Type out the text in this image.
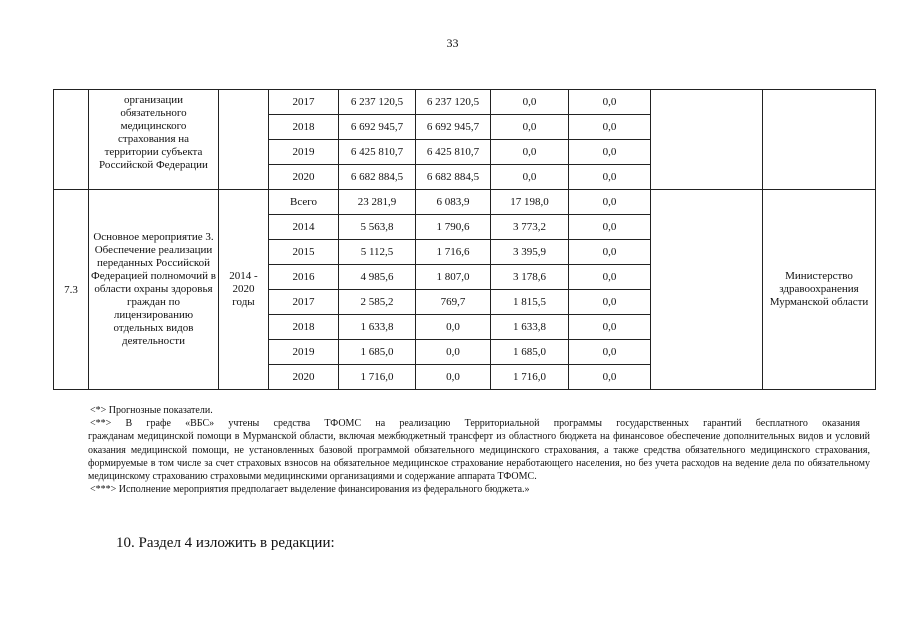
33
	организации обязательного медицинского страхования на территории субъекта Российской Федерации		2017	6 237 120,5	6 237 120,5	0,0	0,0		
			2018	6 692 945,7	6 692 945,7	0,0	0,0		
			2019	6 425 810,7	6 425 810,7	0,0	0,0		
			2020	6 682 884,5	6 682 884,5	0,0	0,0		
7.3	Основное мероприятие 3. Обеспечение реализации переданных Российской Федерацией полномочий в области охраны здоровья граждан по лицензированию отдельных видов деятельности	2014 - 2020 годы	Всего	23 281,9	6 083,9	17 198,0	0,0		Министерство здравоохранения Мурманской области
			2014	5 563,8	1 790,6	3 773,2	0,0		
			2015	5 112,5	1 716,6	3 395,9	0,0		
			2016	4 985,6	1 807,0	3 178,6	0,0		
			2017	2 585,2	769,7	1 815,5	0,0		
			2018	1 633,8	0,0	1 633,8	0,0		
			2019	1 685,0	0,0	1 685,0	0,0		
			2020	1 716,0	0,0	1 716,0	0,0		

<*> Прогнозные показатели.

<**> В графе «ВБС» учтены средства ТФОМС на реализацию Территориальной программы государственных гарантий бесплатного оказания

гражданам медицинской помощи в Мурманской области, включая межбюджетный трансферт из областного бюджета на финансовое обеспечение дополнительных видов и условий оказания медицинской помощи, не установленных базовой программой обязательного медицинского страхования, а также средства обязательного медицинского страхования, формируемые в том числе за счет страховых взносов на обязательное медицинское страхование неработающего населения, но без учета расходов на ведение дела по обязательному медицинскому страхованию страховыми медицинскими организациями и содержание аппарата ТФОМС.

<***> Исполнение мероприятия предполагает выделение финансирования из федерального бюджета.»

10. Раздел 4 изложить в редакции:
